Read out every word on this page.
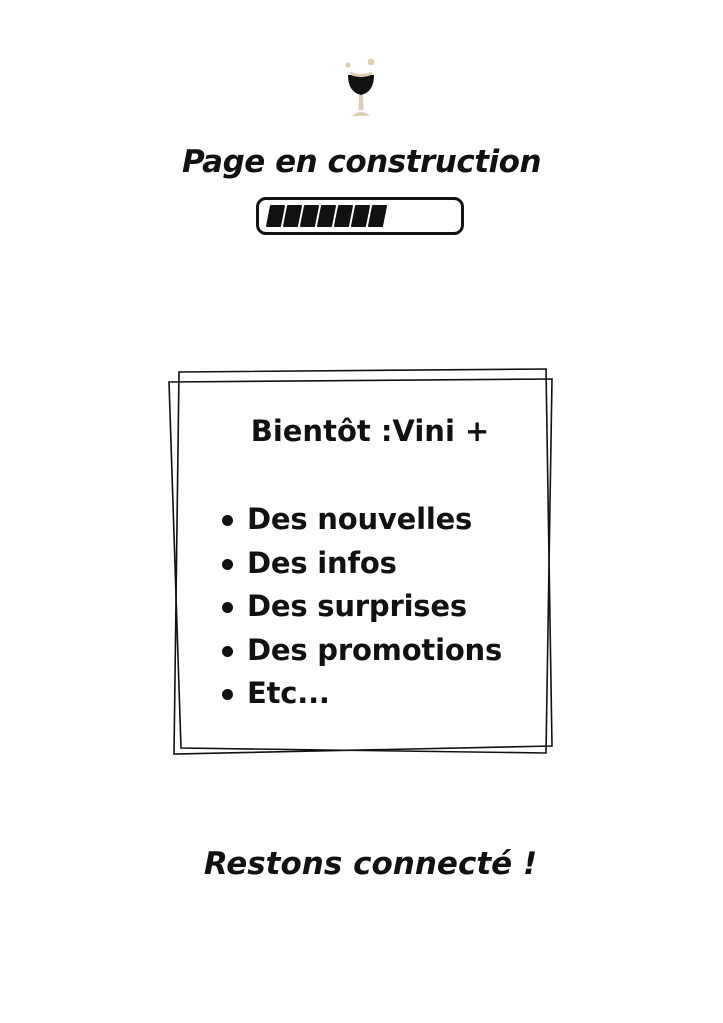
Page en construction
Bientôt :Vini +
Des nouvelles
Des infos
Des surprises
Des promotions
Etc...

Restons connecté !
